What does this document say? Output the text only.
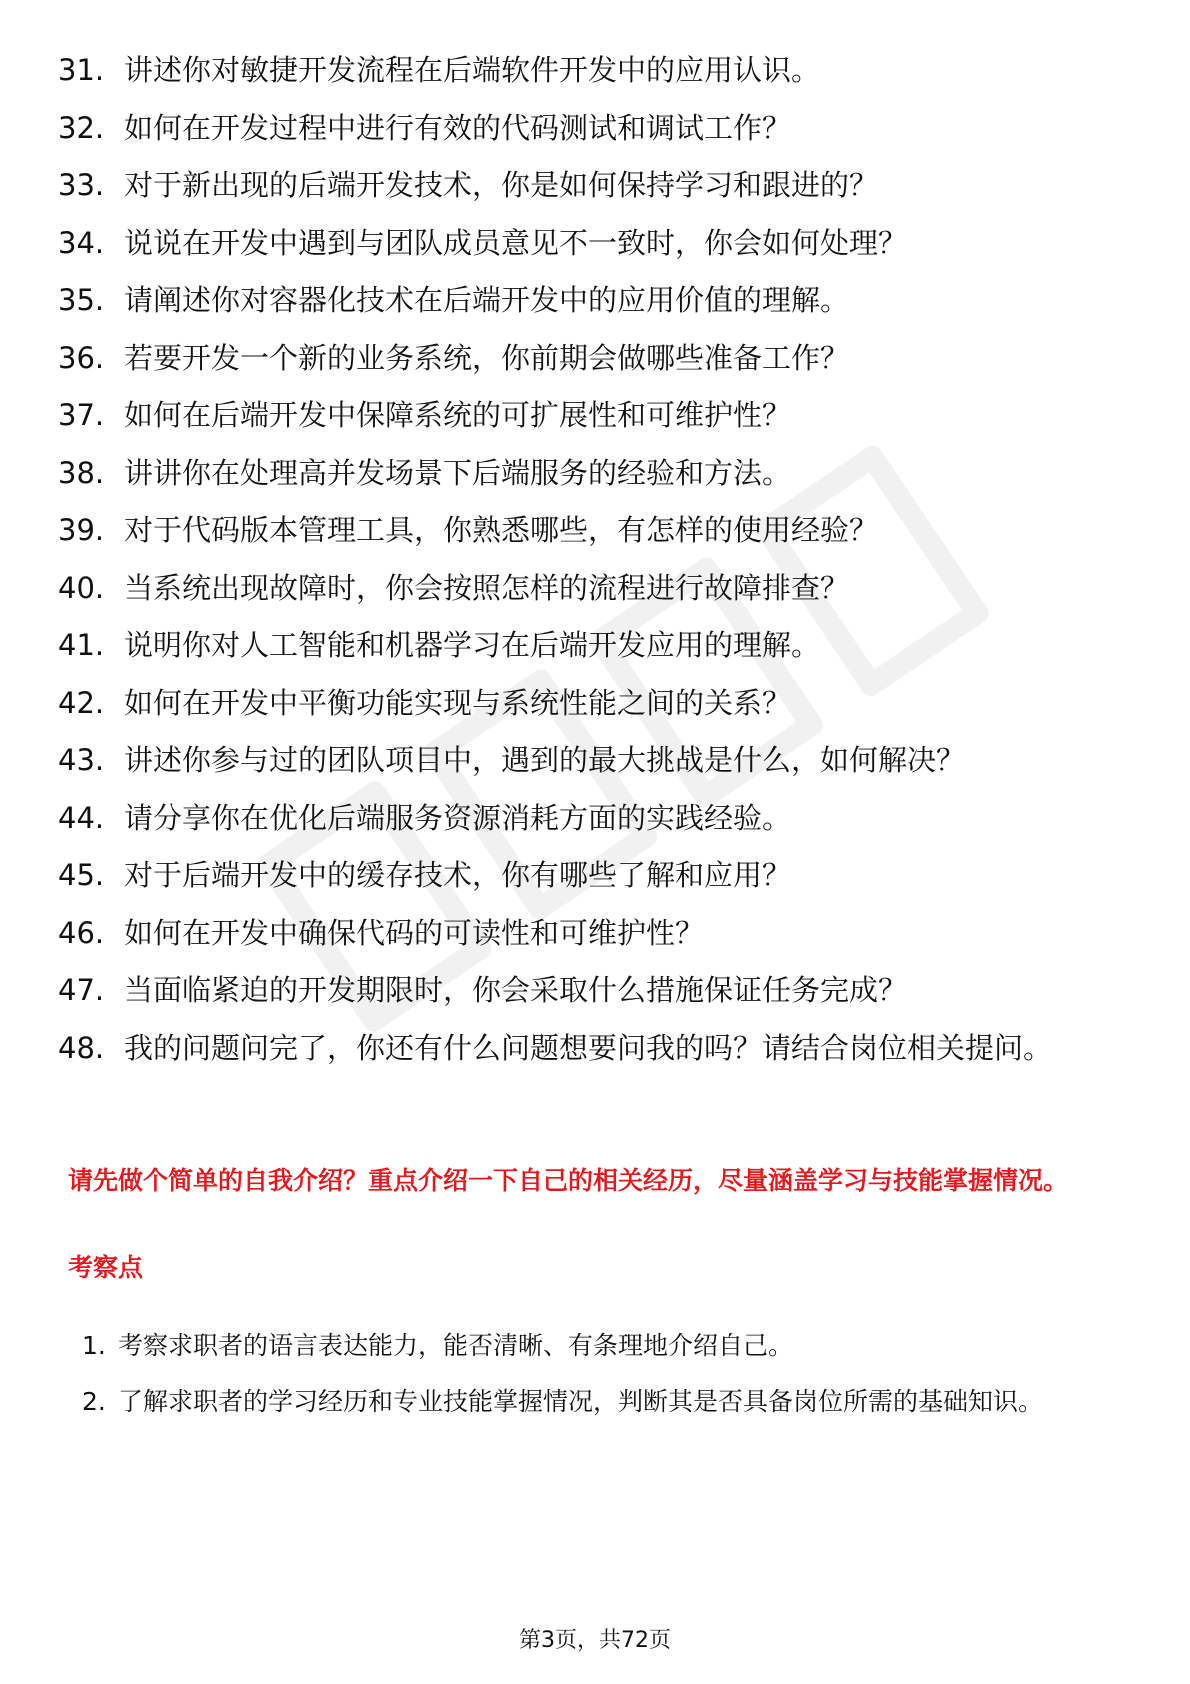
31. 讲述你对敏捷开发流程在后端软件开发中的应用认识。
32. 如何在开发过程中进行有效的代码测试和调试工作？
33. 对于新出现的后端开发技术，你是如何保持学习和跟进的？
34. 说说在开发中遇到与团队成员意见不一致时，你会如何处理？
35. 请阐述你对容器化技术在后端开发中的应用价值的理解。
36. 若要开发一个新的业务系统，你前期会做哪些准备工作？
37. 如何在后端开发中保障系统的可扩展性和可维护性？
38. 讲讲你在处理高并发场景下后端服务的经验和方法。
39. 对于代码版本管理工具，你熟悉哪些，有怎样的使用经验？
40. 当系统出现故障时，你会按照怎样的流程进行故障排查？
41. 说明你对人工智能和机器学习在后端开发应用的理解。
42. 如何在开发中平衡功能实现与系统性能之间的关系？
43. 讲述你参与过的团队项目中，遇到的最大挑战是什么，如何解决？
44. 请分享你在优化后端服务资源消耗方面的实践经验。
45. 对于后端开发中的缓存技术，你有哪些了解和应用？
46. 如何在开发中确保代码的可读性和可维护性？
47. 当面临紧迫的开发期限时，你会采取什么措施保证任务完成？
48. 我的问题问完了，你还有什么问题想要问我的吗？请结合岗位相关提问。
请先做个简单的自我介绍？重点介绍一下自己的相关经历，尽量涵盖学习与技能掌握情况。
考察点
1. 考察求职者的语言表达能力，能否清晰、有条理地介绍自己。
2. 了解求职者的学习经历和专业技能掌握情况，判断其是否具备岗位所需的基础知识。
第3页，共72页
